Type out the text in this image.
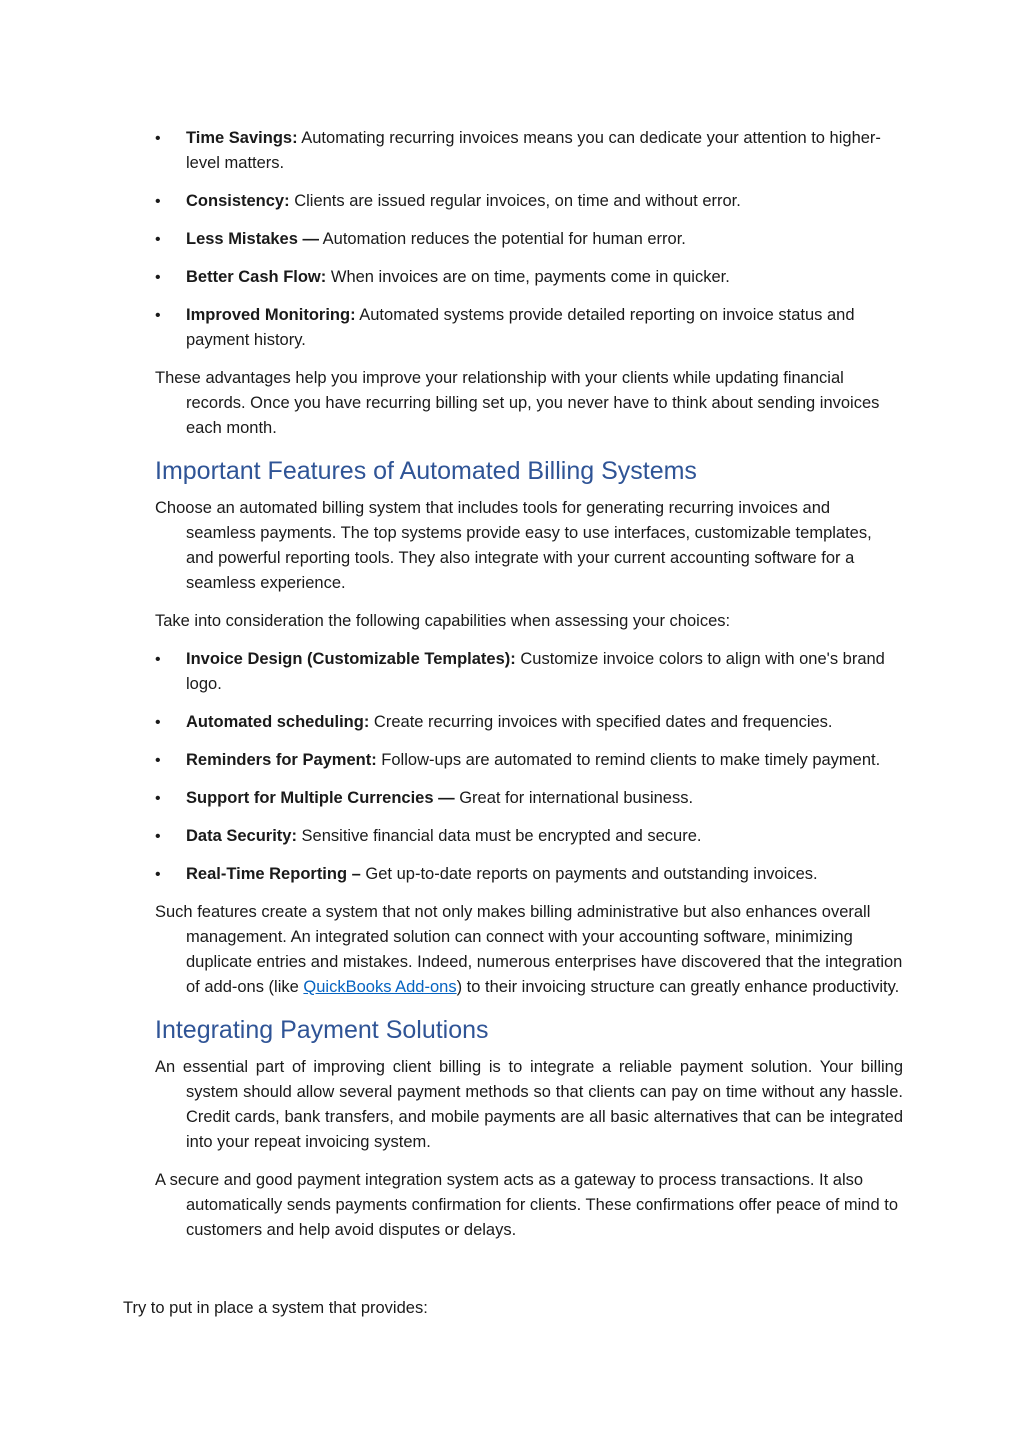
• Time Savings: Automating recurring invoices means you can dedicate your attention to higher-level matters.
• Consistency: Clients are issued regular invoices, on time and without error.
• Less Mistakes — Automation reduces the potential for human error.
• Better Cash Flow: When invoices are on time, payments come in quicker.
• Improved Monitoring: Automated systems provide detailed reporting on invoice status and payment history.

These advantages help you improve your relationship with your clients while updating financial records. Once you have recurring billing set up, you never have to think about sending invoices each month.

Important Features of Automated Billing Systems

Choose an automated billing system that includes tools for generating recurring invoices and seamless payments. The top systems provide easy to use interfaces, customizable templates, and powerful reporting tools. They also integrate with your current accounting software for a seamless experience.

Take into consideration the following capabilities when assessing your choices:

• Invoice Design (Customizable Templates): Customize invoice colors to align with one's brand logo.
• Automated scheduling: Create recurring invoices with specified dates and frequencies.
• Reminders for Payment: Follow-ups are automated to remind clients to make timely payment.
• Support for Multiple Currencies — Great for international business.
• Data Security: Sensitive financial data must be encrypted and secure.
• Real-Time Reporting – Get up-to-date reports on payments and outstanding invoices.

Such features create a system that not only makes billing administrative but also enhances overall management. An integrated solution can connect with your accounting software, minimizing duplicate entries and mistakes. Indeed, numerous enterprises have discovered that the integration of add-ons (like QuickBooks Add-ons) to their invoicing structure can greatly enhance productivity.

Integrating Payment Solutions

An essential part of improving client billing is to integrate a reliable payment solution. Your billing system should allow several payment methods so that clients can pay on time without any hassle. Credit cards, bank transfers, and mobile payments are all basic alternatives that can be integrated into your repeat invoicing system.

A secure and good payment integration system acts as a gateway to process transactions. It also automatically sends payments confirmation for clients. These confirmations offer peace of mind to customers and help avoid disputes or delays.

Try to put in place a system that provides:
